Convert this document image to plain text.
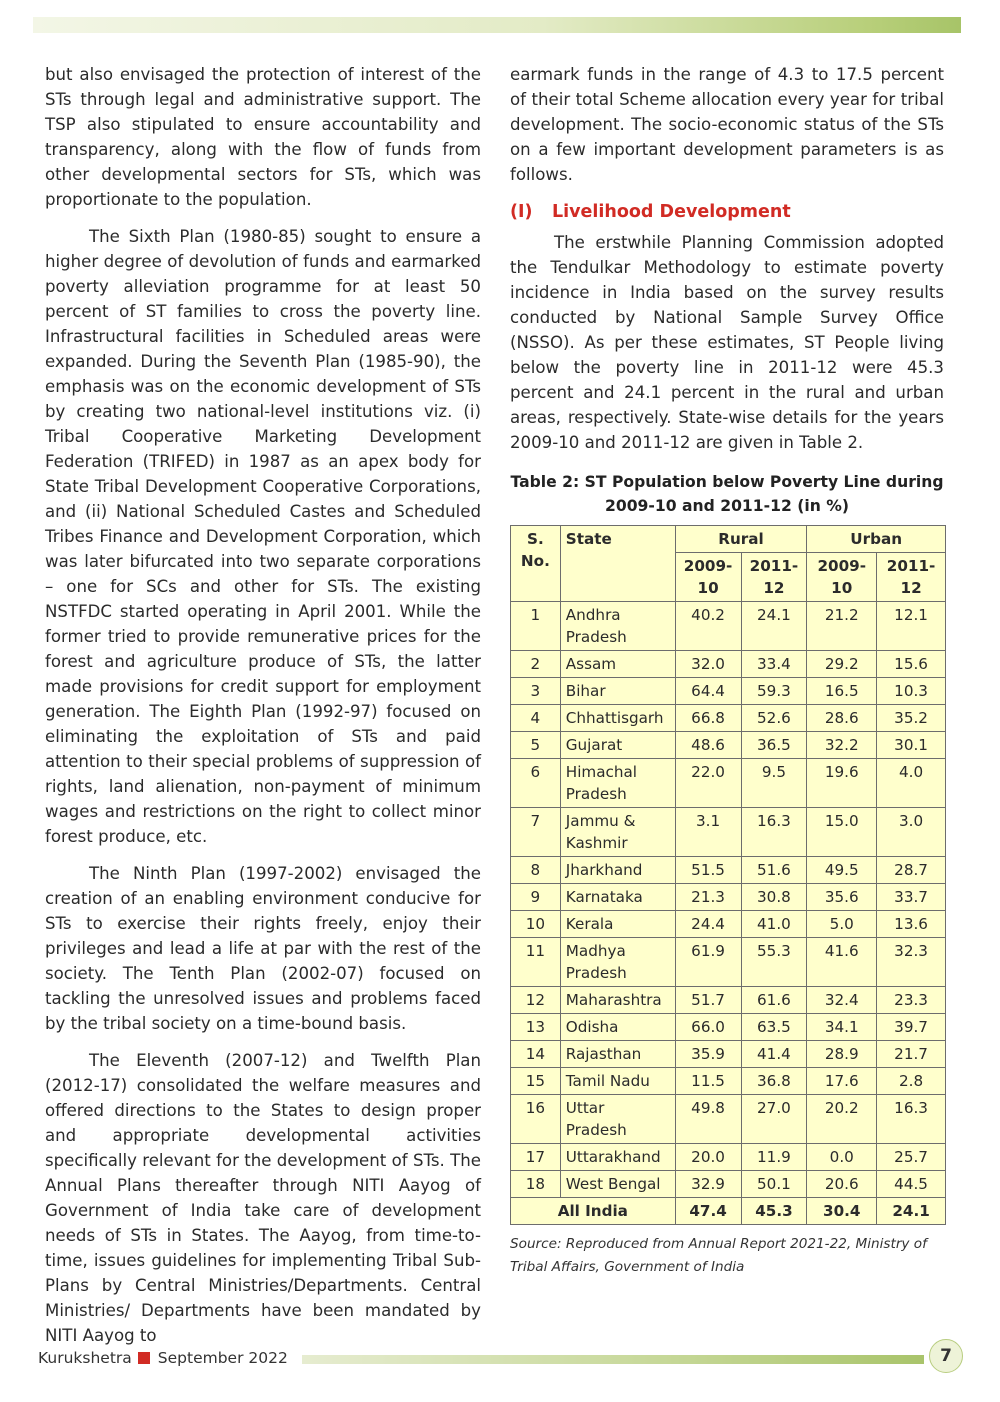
but also envisaged the protection of interest of the STs through legal and administrative support. The TSP also stipulated to ensure accountability and transparency, along with the flow of funds from other developmental sectors for STs, which was proportionate to the population.

The Sixth Plan (1980-85) sought to ensure a higher degree of devolution of funds and earmarked poverty alleviation programme for at least 50 percent of ST families to cross the poverty line. Infrastructural facilities in Scheduled areas were expanded. During the Seventh Plan (1985-90), the emphasis was on the economic development of STs by creating two national-level institutions viz. (i) Tribal Cooperative Marketing Development Federation (TRIFED) in 1987 as an apex body for State Tribal Development Cooperative Corporations, and (ii) National Scheduled Castes and Scheduled Tribes Finance and Development Corporation, which was later bifurcated into two separate corporations – one for SCs and other for STs. The existing NSTFDC started operating in April 2001. While the former tried to provide remunerative prices for the forest and agriculture produce of STs, the latter made provisions for credit support for employment generation. The Eighth Plan (1992-97) focused on eliminating the exploitation of STs and paid attention to their special problems of suppression of rights, land alienation, non-payment of minimum wages and restrictions on the right to collect minor forest produce, etc.

The Ninth Plan (1997-2002) envisaged the creation of an enabling environment conducive for STs to exercise their rights freely, enjoy their privileges and lead a life at par with the rest of the society. The Tenth Plan (2002-07) focused on tackling the unresolved issues and problems faced by the tribal society on a time-bound basis.

The Eleventh (2007-12) and Twelfth Plan (2012-17) consolidated the welfare measures and offered directions to the States to design proper and appropriate developmental activities specifically relevant for the development of STs. The Annual Plans thereafter through NITI Aayog of Government of India take care of development needs of STs in States. The Aayog, from time-to-time, issues guidelines for implementing Tribal Sub-Plans by Central Ministries/Departments. Central Ministries/ Departments have been mandated by NITI Aayog to

earmark funds in the range of 4.3 to 17.5 percent of their total Scheme allocation every year for tribal development. The socio-economic status of the STs on a few important development parameters is as follows.

(I) Livelihood Development

The erstwhile Planning Commission adopted the Tendulkar Methodology to estimate poverty incidence in India based on the survey results conducted by National Sample Survey Office (NSSO). As per these estimates, ST People living below the poverty line in 2011-12 were 45.3 percent and 24.1 percent in the rural and urban areas, respectively. State-wise details for the years 2009-10 and 2011-12 are given in Table 2.

Table 2: ST Population below Poverty Line during
2009-10 and 2011-12 (in %)
S. No.	State	Rural		Urban	
		2009-10	2011-12	2009-10	2011-12
1	Andhra Pradesh	40.2	24.1	21.2	12.1
2	Assam	32.0	33.4	29.2	15.6
3	Bihar	64.4	59.3	16.5	10.3
4	Chhattisgarh	66.8	52.6	28.6	35.2
5	Gujarat	48.6	36.5	32.2	30.1
6	Himachal Pradesh	22.0	9.5	19.6	4.0
7	Jammu & Kashmir	3.1	16.3	15.0	3.0
8	Jharkhand	51.5	51.6	49.5	28.7
9	Karnataka	21.3	30.8	35.6	33.7
10	Kerala	24.4	41.0	5.0	13.6
11	Madhya Pradesh	61.9	55.3	41.6	32.3
12	Maharashtra	51.7	61.6	32.4	23.3
13	Odisha	66.0	63.5	34.1	39.7
14	Rajasthan	35.9	41.4	28.9	21.7
15	Tamil Nadu	11.5	36.8	17.6	2.8
16	Uttar Pradesh	49.8	27.0	20.2	16.3
17	Uttarakhand	20.0	11.9	0.0	25.7
18	West Bengal	32.9	50.1	20.6	44.5
All India		47.4	45.3	30.4	24.1
Source: Reproduced from Annual Report 2021-22, Ministry of Tribal Affairs, Government of India
Kurukshetra September 2022	7
